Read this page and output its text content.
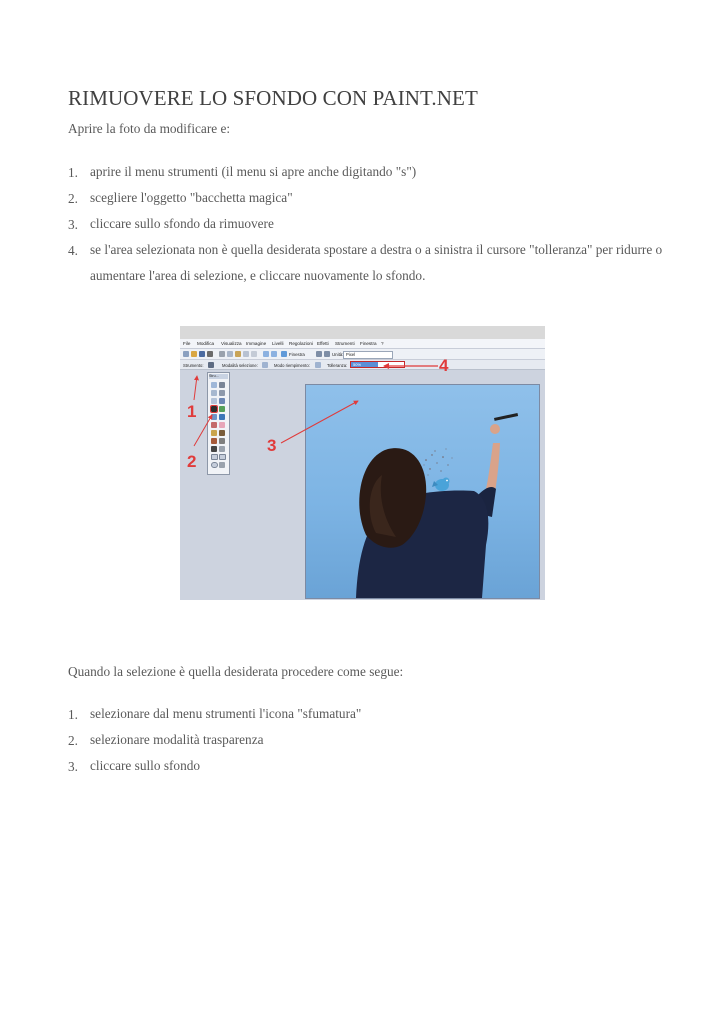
RIMUOVERE LO SFONDO CON PAINT.NET
Aprire la foto da modificare e:
1. aprire il menu strumenti (il menu si apre anche digitando "s")
2. scegliere l'oggetto "bacchetta magica"
3. cliccare sullo sfondo da rimuovere
4. se l'area selezionata non è quella desiderata spostare a destra o a sinistra il cursore "tolleranza" per ridurre o aumentare l'area di selezione, e cliccare nuovamente lo sfondo.
File Modifica Visualizza Immagine Livelli Regolazioni Effetti Strumenti Finestra ?
Finestra	Unità: Pixel
Strumento:	Modalità selezione:	Modo riempimento:	Tolleranza: 50%
Stru...
1
2
3
4
Quando la selezione è quella desiderata procedere come segue:
1. selezionare dal menu strumenti l'icona "sfumatura"
2. selezionare modalità trasparenza
3. cliccare sullo sfondo
